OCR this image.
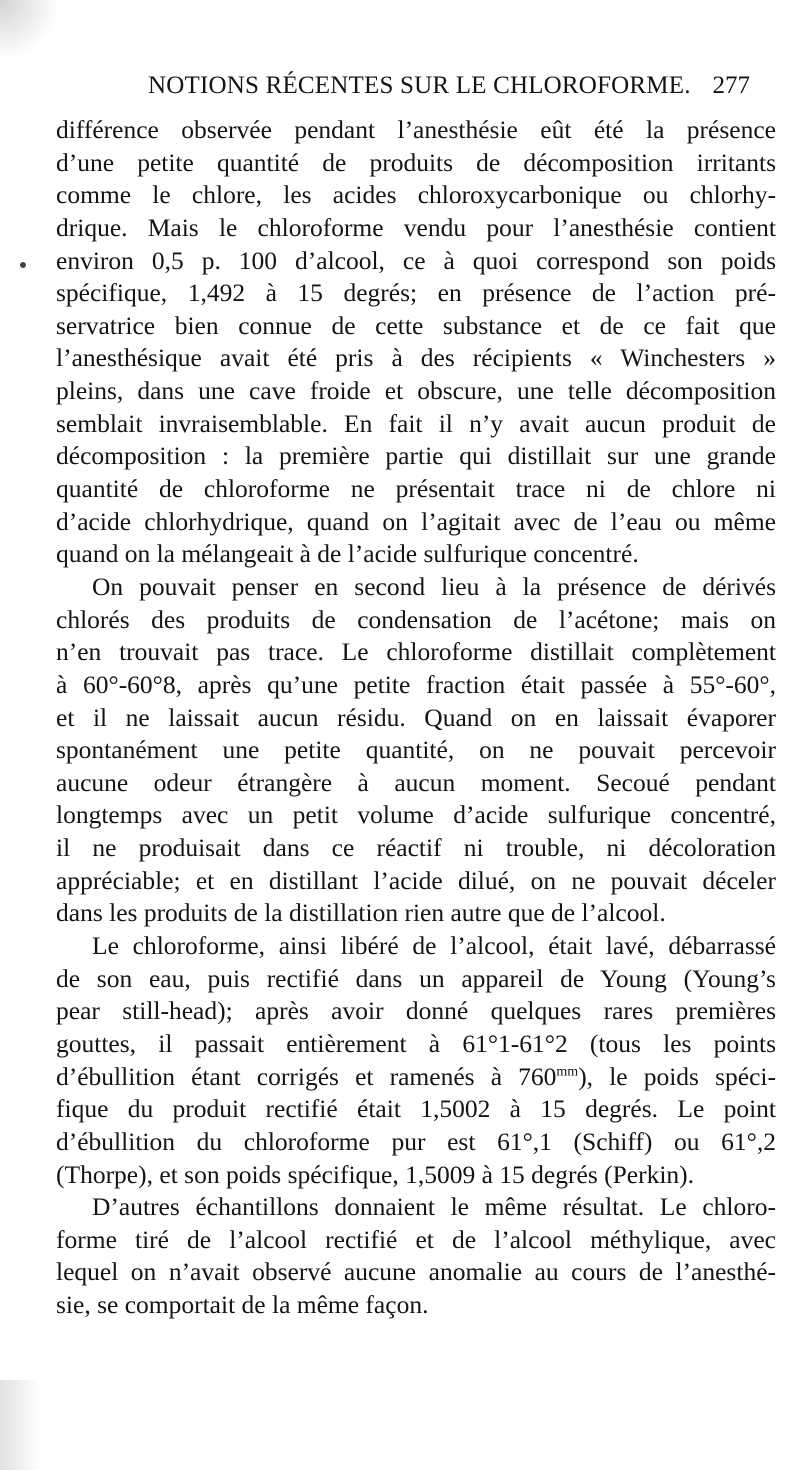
NOTIONS RÉCENTES SUR LE CHLOROFORME. 277
différence observée pendant l’anesthésie eût été la présence
d’une petite quantité de produits de décomposition irritants
comme le chlore, les acides chloroxycarbonique ou chlorhy-
drique. Mais le chloroforme vendu pour l’anesthésie contient
environ 0,5 p. 100 d’alcool, ce à quoi correspond son poids
spécifique, 1,492 à 15 degrés; en présence de l’action pré-
servatrice bien connue de cette substance et de ce fait que
l’anesthésique avait été pris à des récipients « Winchesters »
pleins, dans une cave froide et obscure, une telle décomposition
semblait invraisemblable. En fait il n’y avait aucun produit de
décomposition : la première partie qui distillait sur une grande
quantité de chloroforme ne présentait trace ni de chlore ni
d’acide chlorhydrique, quand on l’agitait avec de l’eau ou même
quand on la mélangeait à de l’acide sulfurique concentré.
On pouvait penser en second lieu à la présence de dérivés
chlorés des produits de condensation de l’acétone; mais on
n’en trouvait pas trace. Le chloroforme distillait complètement
à 60°-60°8, après qu’une petite fraction était passée à 55°-60°,
et il ne laissait aucun résidu. Quand on en laissait évaporer
spontanément une petite quantité, on ne pouvait percevoir
aucune odeur étrangère à aucun moment. Secoué pendant
longtemps avec un petit volume d’acide sulfurique concentré,
il ne produisait dans ce réactif ni trouble, ni décoloration
appréciable; et en distillant l’acide dilué, on ne pouvait déceler
dans les produits de la distillation rien autre que de l’alcool.
Le chloroforme, ainsi libéré de l’alcool, était lavé, débarrassé
de son eau, puis rectifié dans un appareil de Young (Young’s
pear still-head); après avoir donné quelques rares premières
gouttes, il passait entièrement à 61°1-61°2 (tous les points
d’ébullition étant corrigés et ramenés à $760^{mm}$), le poids spéci-
fique du produit rectifié était 1,5002 à 15 degrés. Le point
d’ébullition du chloroforme pur est 61°,1 (Schiff) ou 61°,2
(Thorpe), et son poids spécifique, 1,5009 à 15 degrés (Perkin).
D’autres échantillons donnaient le même résultat. Le chloro-
forme tiré de l’alcool rectifié et de l’alcool méthylique, avec
lequel on n’avait observé aucune anomalie au cours de l’anesthé-
sie, se comportait de la même façon.
